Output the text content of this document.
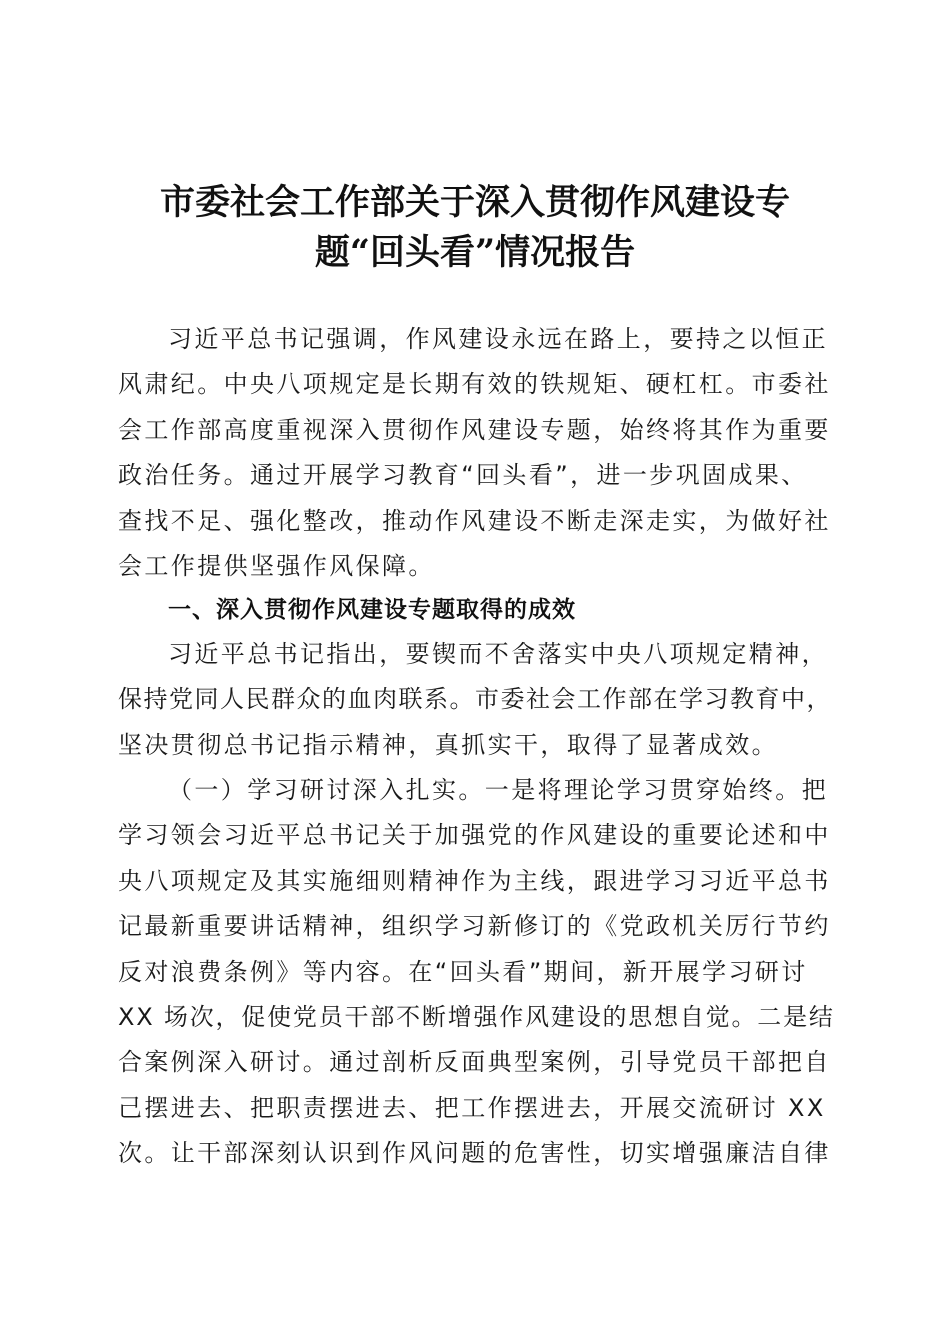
市委社会工作部关于深入贯彻作风建设专
题“回头看”情况报告
习近平总书记强调，作风建设永远在路上，要持之以恒正
风肃纪。中央八项规定是长期有效的铁规矩、硬杠杠。市委社
会工作部高度重视深入贯彻作风建设专题，始终将其作为重要
政治任务。通过开展学习教育“回头看”，进一步巩固成果、
查找不足、强化整改，推动作风建设不断走深走实，为做好社
会工作提供坚强作风保障。
一、深入贯彻作风建设专题取得的成效
习近平总书记指出，要锲而不舍落实中央八项规定精神，
保持党同人民群众的血肉联系。市委社会工作部在学习教育中，
坚决贯彻总书记指示精神，真抓实干，取得了显著成效。
（一）学习研讨深入扎实。一是将理论学习贯穿始终。把
学习领会习近平总书记关于加强党的作风建设的重要论述和中
央八项规定及其实施细则精神作为主线，跟进学习习近平总书
记最新重要讲话精神，组织学习新修订的《党政机关厉行节约
反对浪费条例》等内容。在“回头看”期间，新开展学习研讨
XX 场次，促使党员干部不断增强作风建设的思想自觉。二是结
合案例深入研讨。通过剖析反面典型案例，引导党员干部把自
己摆进去、把职责摆进去、把工作摆进去，开展交流研讨 XX
次。让干部深刻认识到作风问题的危害性，切实增强廉洁自律
